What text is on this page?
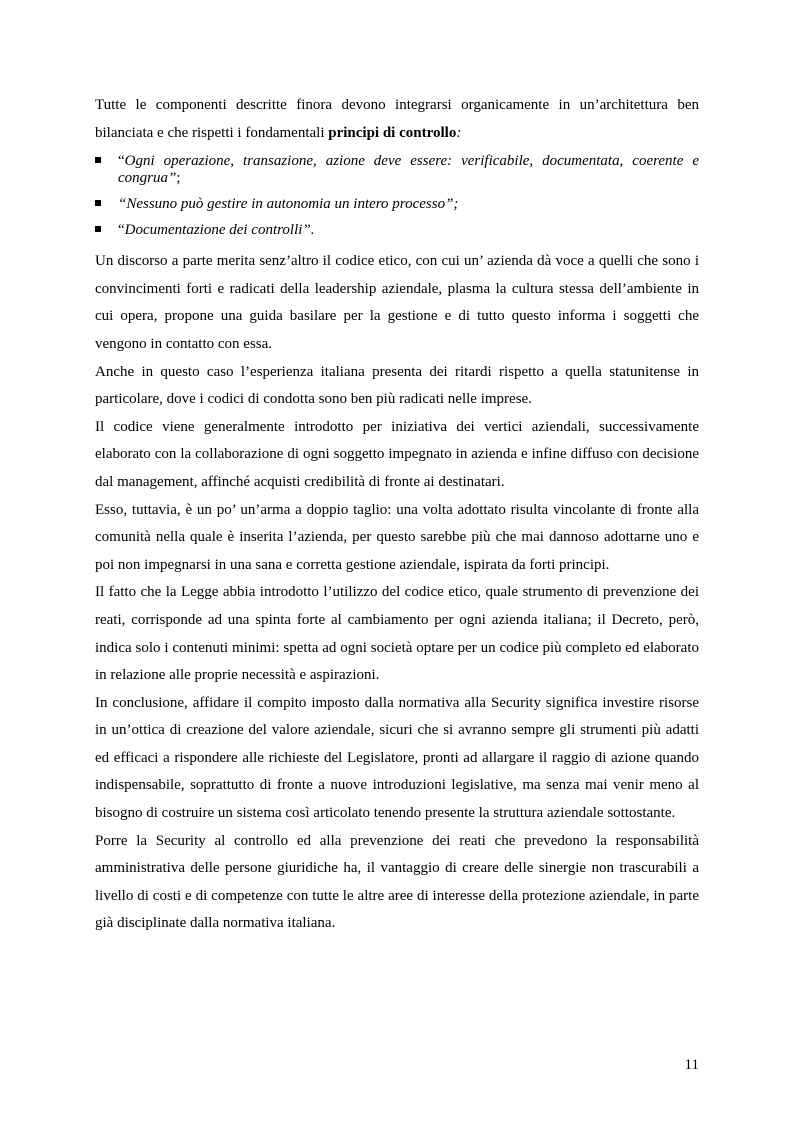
Tutte le componenti descritte finora devono integrarsi organicamente in un’architettura ben bilanciata e che rispetti i fondamentali principi di controllo:

“Ogni operazione, transazione, azione deve essere: verificabile, documentata, coerente e congrua”;
“Nessuno può gestire in autonomia un intero processo”;
“Documentazione dei controlli”.

Un discorso a parte merita senz’altro il codice etico, con cui un’ azienda dà voce a quelli che sono i convincimenti forti e radicati della leadership aziendale, plasma la cultura stessa dell’ambiente in cui opera, propone una guida basilare per la gestione e di tutto questo informa i soggetti che vengono in contatto con essa.

Anche in questo caso l’esperienza italiana presenta dei ritardi rispetto a quella statunitense in particolare, dove i codici di condotta sono ben più radicati nelle imprese.

Il codice viene generalmente introdotto per iniziativa dei vertici aziendali, successivamente elaborato con la collaborazione di ogni soggetto impegnato in azienda e infine diffuso con decisione dal management, affinché acquisti credibilità di fronte ai destinatari.

Esso, tuttavia, è un po’ un’arma a doppio taglio: una volta adottato risulta vincolante di fronte alla comunità nella quale è inserita l’azienda, per questo sarebbe più che mai dannoso adottarne uno e poi non impegnarsi in una sana e corretta gestione aziendale, ispirata da forti principi.

Il fatto che la Legge abbia introdotto l’utilizzo del codice etico, quale strumento di prevenzione dei reati, corrisponde ad una spinta forte al cambiamento per ogni azienda italiana; il Decreto, però, indica solo i contenuti minimi: spetta ad ogni società optare per un codice più completo ed elaborato in relazione alle proprie necessità e aspirazioni.

In conclusione, affidare il compito imposto dalla normativa alla Security significa investire risorse in un’ottica di creazione del valore aziendale, sicuri che si avranno sempre gli strumenti più adatti ed efficaci a rispondere alle richieste del Legislatore, pronti ad allargare il raggio di azione quando indispensabile, soprattutto di fronte a nuove introduzioni legislative, ma senza mai venir meno al bisogno di costruire un sistema così articolato tenendo presente la struttura aziendale sottostante.

Porre la Security al controllo ed alla prevenzione dei reati che prevedono la responsabilità amministrativa delle persone giuridiche ha, il vantaggio di creare delle sinergie non trascurabili a livello di costi e di competenze con tutte le altre aree di interesse della protezione aziendale, in parte già disciplinate dalla normativa italiana.

11
